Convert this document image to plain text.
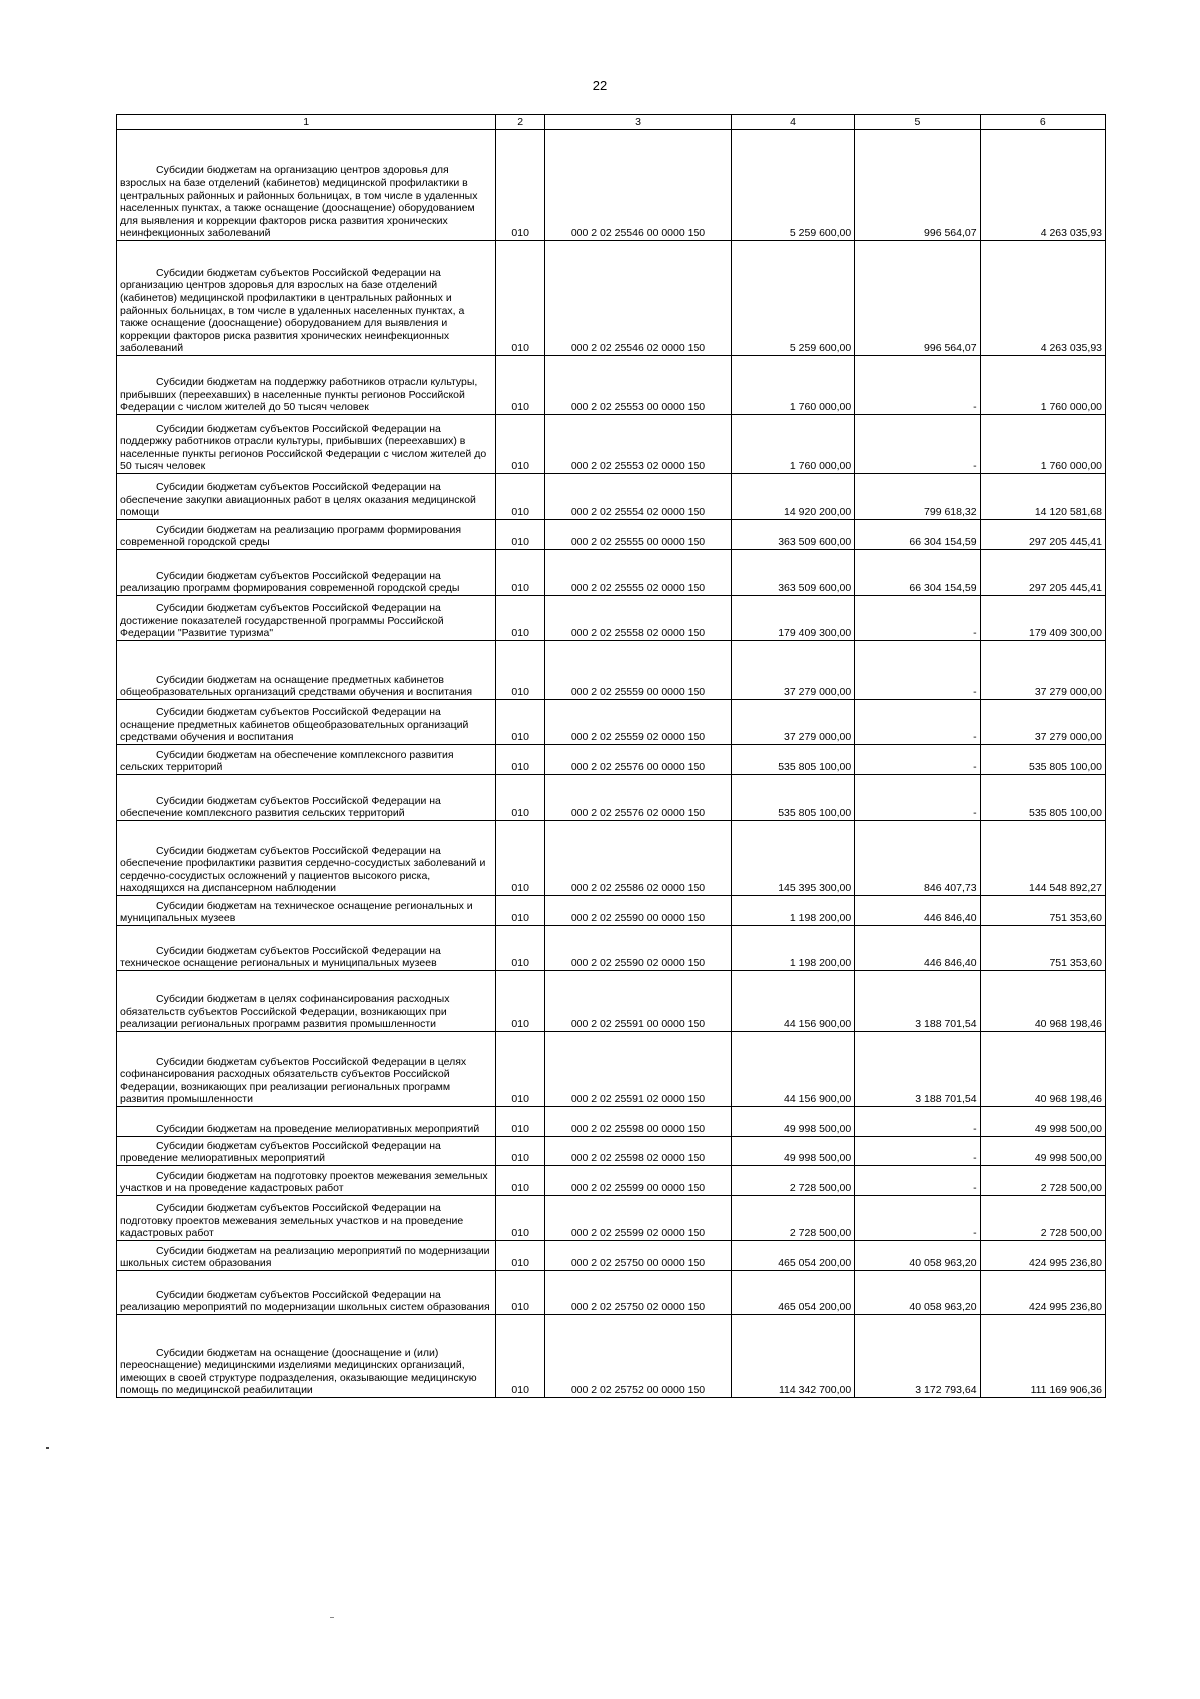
22
1	2	3	4	5	6
Субсидии бюджетам на организацию центров здоровья для взрослых на базе отделений (кабинетов) медицинской профилактики в центральных районных и районных больницах, в том числе в удаленных населенных пунктах, а также оснащение (дооснащение) оборудованием для выявления и коррекции факторов риска развития хронических неинфекционных заболеваний	010	000 2 02 25546 00 0000 150	5 259 600,00	996 564,07	4 263 035,93
Субсидии бюджетам субъектов Российской Федерации на организацию центров здоровья для взрослых на базе отделений (кабинетов) медицинской профилактики в центральных районных и районных больницах, в том числе в удаленных населенных пунктах, а также оснащение (дооснащение) оборудованием для выявления и коррекции факторов риска развития хронических неинфекционных заболеваний	010	000 2 02 25546 02 0000 150	5 259 600,00	996 564,07	4 263 035,93
Субсидии бюджетам на поддержку работников отрасли культуры, прибывших (переехавших) в населенные пункты регионов Российской Федерации с числом жителей до 50 тысяч человек	010	000 2 02 25553 00 0000 150	1 760 000,00	-	1 760 000,00
Субсидии бюджетам субъектов Российской Федерации на поддержку работников отрасли культуры, прибывших (переехавших) в населенные пункты регионов Российской Федерации с числом жителей до 50 тысяч человек	010	000 2 02 25553 02 0000 150	1 760 000,00	-	1 760 000,00
Субсидии бюджетам субъектов Российской Федерации на обеспечение закупки авиационных работ в целях оказания медицинской помощи	010	000 2 02 25554 02 0000 150	14 920 200,00	799 618,32	14 120 581,68
Субсидии бюджетам на реализацию программ формирования современной городской среды	010	000 2 02 25555 00 0000 150	363 509 600,00	66 304 154,59	297 205 445,41
Субсидии бюджетам субъектов Российской Федерации на реализацию программ формирования современной городской среды	010	000 2 02 25555 02 0000 150	363 509 600,00	66 304 154,59	297 205 445,41
Субсидии бюджетам субъектов Российской Федерации на достижение показателей государственной программы Российской Федерации "Развитие туризма"	010	000 2 02 25558 02 0000 150	179 409 300,00	-	179 409 300,00
Субсидии бюджетам на оснащение предметных кабинетов общеобразовательных организаций средствами обучения и воспитания	010	000 2 02 25559 00 0000 150	37 279 000,00	-	37 279 000,00
Субсидии бюджетам субъектов Российской Федерации на оснащение предметных кабинетов общеобразовательных организаций средствами обучения и воспитания	010	000 2 02 25559 02 0000 150	37 279 000,00	-	37 279 000,00
Субсидии бюджетам на обеспечение комплексного развития сельских территорий	010	000 2 02 25576 00 0000 150	535 805 100,00	-	535 805 100,00
Субсидии бюджетам субъектов Российской Федерации на обеспечение комплексного развития сельских территорий	010	000 2 02 25576 02 0000 150	535 805 100,00	-	535 805 100,00
Субсидии бюджетам субъектов Российской Федерации на обеспечение профилактики развития сердечно-сосудистых заболеваний и сердечно-сосудистых осложнений у пациентов высокого риска, находящихся на диспансерном наблюдении	010	000 2 02 25586 02 0000 150	145 395 300,00	846 407,73	144 548 892,27
Субсидии бюджетам на техническое оснащение региональных и муниципальных музеев	010	000 2 02 25590 00 0000 150	1 198 200,00	446 846,40	751 353,60
Субсидии бюджетам субъектов Российской Федерации на техническое оснащение региональных и муниципальных музеев	010	000 2 02 25590 02 0000 150	1 198 200,00	446 846,40	751 353,60
Субсидии бюджетам в целях софинансирования расходных обязательств субъектов Российской Федерации, возникающих при реализации региональных программ развития промышленности	010	000 2 02 25591 00 0000 150	44 156 900,00	3 188 701,54	40 968 198,46
Субсидии бюджетам субъектов Российской Федерации в целях софинансирования расходных обязательств субъектов Российской Федерации, возникающих при реализации региональных программ развития промышленности	010	000 2 02 25591 02 0000 150	44 156 900,00	3 188 701,54	40 968 198,46
Субсидии бюджетам на проведение мелиоративных мероприятий	010	000 2 02 25598 00 0000 150	49 998 500,00	-	49 998 500,00
Субсидии бюджетам субъектов Российской Федерации на проведение мелиоративных мероприятий	010	000 2 02 25598 02 0000 150	49 998 500,00	-	49 998 500,00
Субсидии бюджетам на подготовку проектов межевания земельных участков и на проведение кадастровых работ	010	000 2 02 25599 00 0000 150	2 728 500,00	-	2 728 500,00
Субсидии бюджетам субъектов Российской Федерации на подготовку проектов межевания земельных участков и на проведение кадастровых работ	010	000 2 02 25599 02 0000 150	2 728 500,00	-	2 728 500,00
Субсидии бюджетам на реализацию мероприятий по модернизации школьных систем образования	010	000 2 02 25750 00 0000 150	465 054 200,00	40 058 963,20	424 995 236,80
Субсидии бюджетам субъектов Российской Федерации на реализацию мероприятий по модернизации школьных систем образования	010	000 2 02 25750 02 0000 150	465 054 200,00	40 058 963,20	424 995 236,80
Субсидии бюджетам на оснащение (дооснащение и (или) переоснащение) медицинскими изделиями медицинских организаций, имеющих в своей структуре подразделения, оказывающие медицинскую помощь по медицинской реабилитации	010	000 2 02 25752 00 0000 150	114 342 700,00	3 172 793,64	111 169 906,36
